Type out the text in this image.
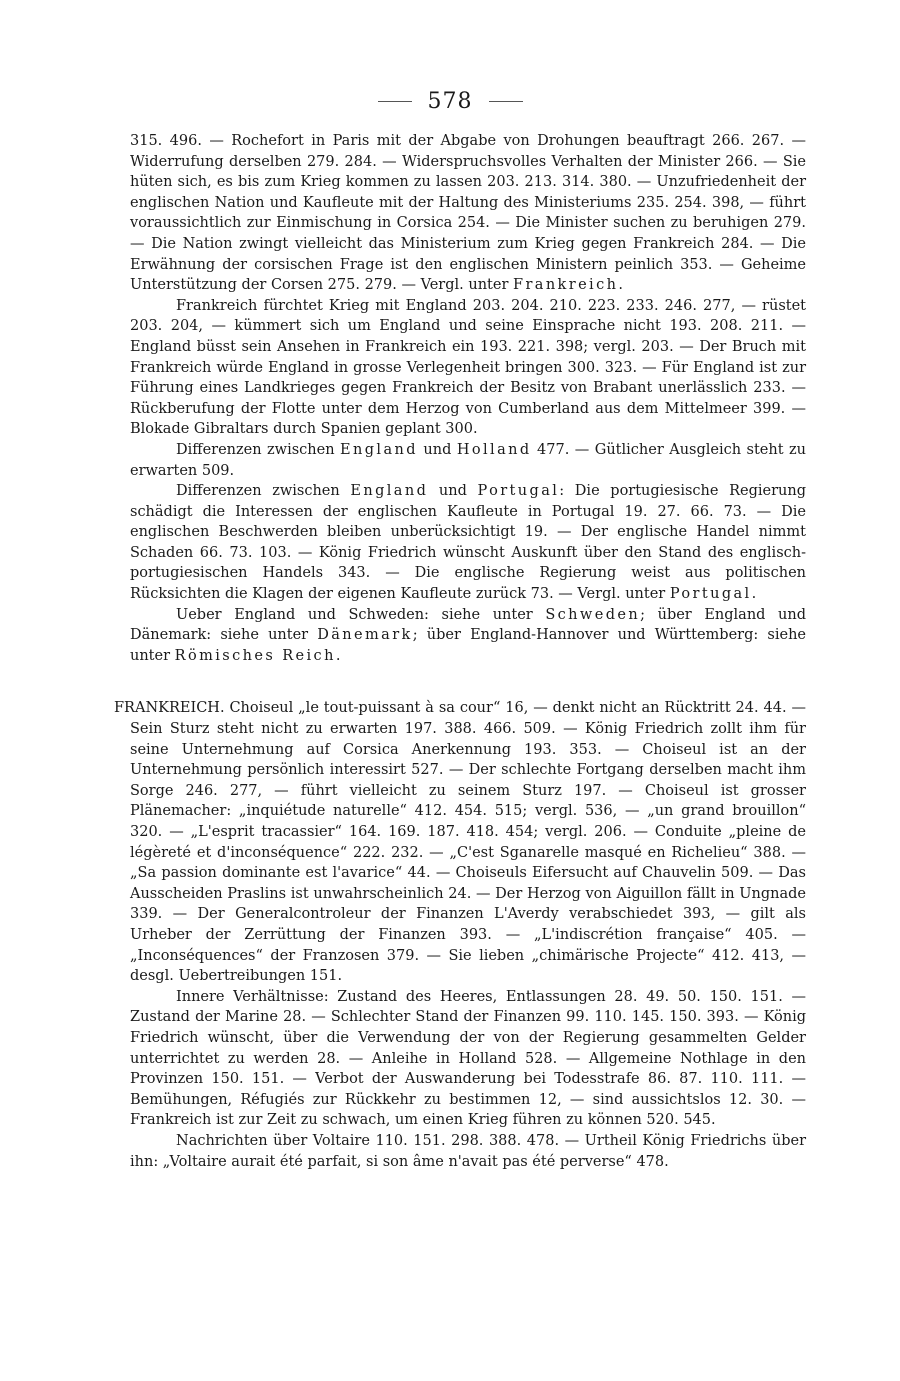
578

315. 496. — Rochefort in Paris mit der Abgabe von Drohungen beauftragt 266. 267. — Widerrufung derselben 279. 284. — Widerspruchsvolles Verhalten der Minister 266. — Sie hüten sich, es bis zum Krieg kommen zu lassen 203. 213. 314. 380. — Unzufriedenheit der englischen Nation und Kaufleute mit der Haltung des Ministeriums 235. 254. 398, — führt voraussichtlich zur Einmischung in Corsica 254. — Die Minister suchen zu beruhigen 279. — Die Nation zwingt vielleicht das Ministerium zum Krieg gegen Frankreich 284. — Die Erwähnung der corsischen Frage ist den englischen Ministern peinlich 353. — Geheime Unterstützung der Corsen 275. 279. — Vergl. unter Frankreich.

Frankreich fürchtet Krieg mit England 203. 204. 210. 223. 233. 246. 277, — rüstet 203. 204, — kümmert sich um England und seine Einsprache nicht 193. 208. 211. — England büsst sein Ansehen in Frankreich ein 193. 221. 398; vergl. 203. — Der Bruch mit Frankreich würde England in grosse Verlegenheit bringen 300. 323. — Für England ist zur Führung eines Landkrieges gegen Frankreich der Besitz von Brabant unerlässlich 233. — Rückberufung der Flotte unter dem Herzog von Cumberland aus dem Mittelmeer 399. — Blokade Gibraltars durch Spanien geplant 300.

Differenzen zwischen England und Holland 477. — Gütlicher Ausgleich steht zu erwarten 509.

Differenzen zwischen England und Portugal: Die portugiesische Regierung schädigt die Interessen der englischen Kaufleute in Portugal 19. 27. 66. 73. — Die englischen Beschwerden bleiben unberücksichtigt 19. — Der englische Handel nimmt Schaden 66. 73. 103. — König Friedrich wünscht Auskunft über den Stand des englisch-portugiesischen Handels 343. — Die englische Regierung weist aus politischen Rücksichten die Klagen der eigenen Kaufleute zurück 73. — Vergl. unter Portugal.

Ueber England und Schweden: siehe unter Schweden; über England und Dänemark: siehe unter Dänemark; über England-Hannover und Württemberg: siehe unter Römisches Reich.

FRANKREICH. Choiseul „le tout-puissant à sa cour“ 16, — denkt nicht an Rücktritt 24. 44. — Sein Sturz steht nicht zu erwarten 197. 388. 466. 509. — König Friedrich zollt ihm für seine Unternehmung auf Corsica Anerkennung 193. 353. — Choiseul ist an der Unternehmung persönlich interessirt 527. — Der schlechte Fortgang derselben macht ihm Sorge 246. 277, — führt vielleicht zu seinem Sturz 197. — Choiseul ist grosser Plänemacher: „inquiétude naturelle“ 412. 454. 515; vergl. 536, — „un grand brouillon“ 320. — „L'esprit tracassier“ 164. 169. 187. 418. 454; vergl. 206. — Conduite „pleine de légèreté et d'inconséquence“ 222. 232. — „C'est Sganarelle masqué en Richelieu“ 388. — „Sa passion dominante est l'avarice“ 44. — Choiseuls Eifersucht auf Chauvelin 509. — Das Ausscheiden Praslins ist unwahrscheinlich 24. — Der Herzog von Aiguillon fällt in Ungnade 339. — Der Generalcontroleur der Finanzen L'Averdy verabschiedet 393, — gilt als Urheber der Zerrüttung der Finanzen 393. — „L'indiscrétion française“ 405. — „Inconséquences“ der Franzosen 379. — Sie lieben „chimärische Projecte“ 412. 413, — desgl. Uebertreibungen 151.

Innere Verhältnisse: Zustand des Heeres, Entlassungen 28. 49. 50. 150. 151. — Zustand der Marine 28. — Schlechter Stand der Finanzen 99. 110. 145. 150. 393. — König Friedrich wünscht, über die Verwendung der von der Regierung gesammelten Gelder unterrichtet zu werden 28. — Anleihe in Holland 528. — Allgemeine Nothlage in den Provinzen 150. 151. — Verbot der Auswanderung bei Todesstrafe 86. 87. 110. 111. — Bemühungen, Réfugiés zur Rückkehr zu bestimmen 12, — sind aussichtslos 12. 30. — Frankreich ist zur Zeit zu schwach, um einen Krieg führen zu können 520. 545.

Nachrichten über Voltaire 110. 151. 298. 388. 478. — Urtheil König Friedrichs über ihn: „Voltaire aurait été parfait, si son âme n'avait pas été perverse“ 478.
